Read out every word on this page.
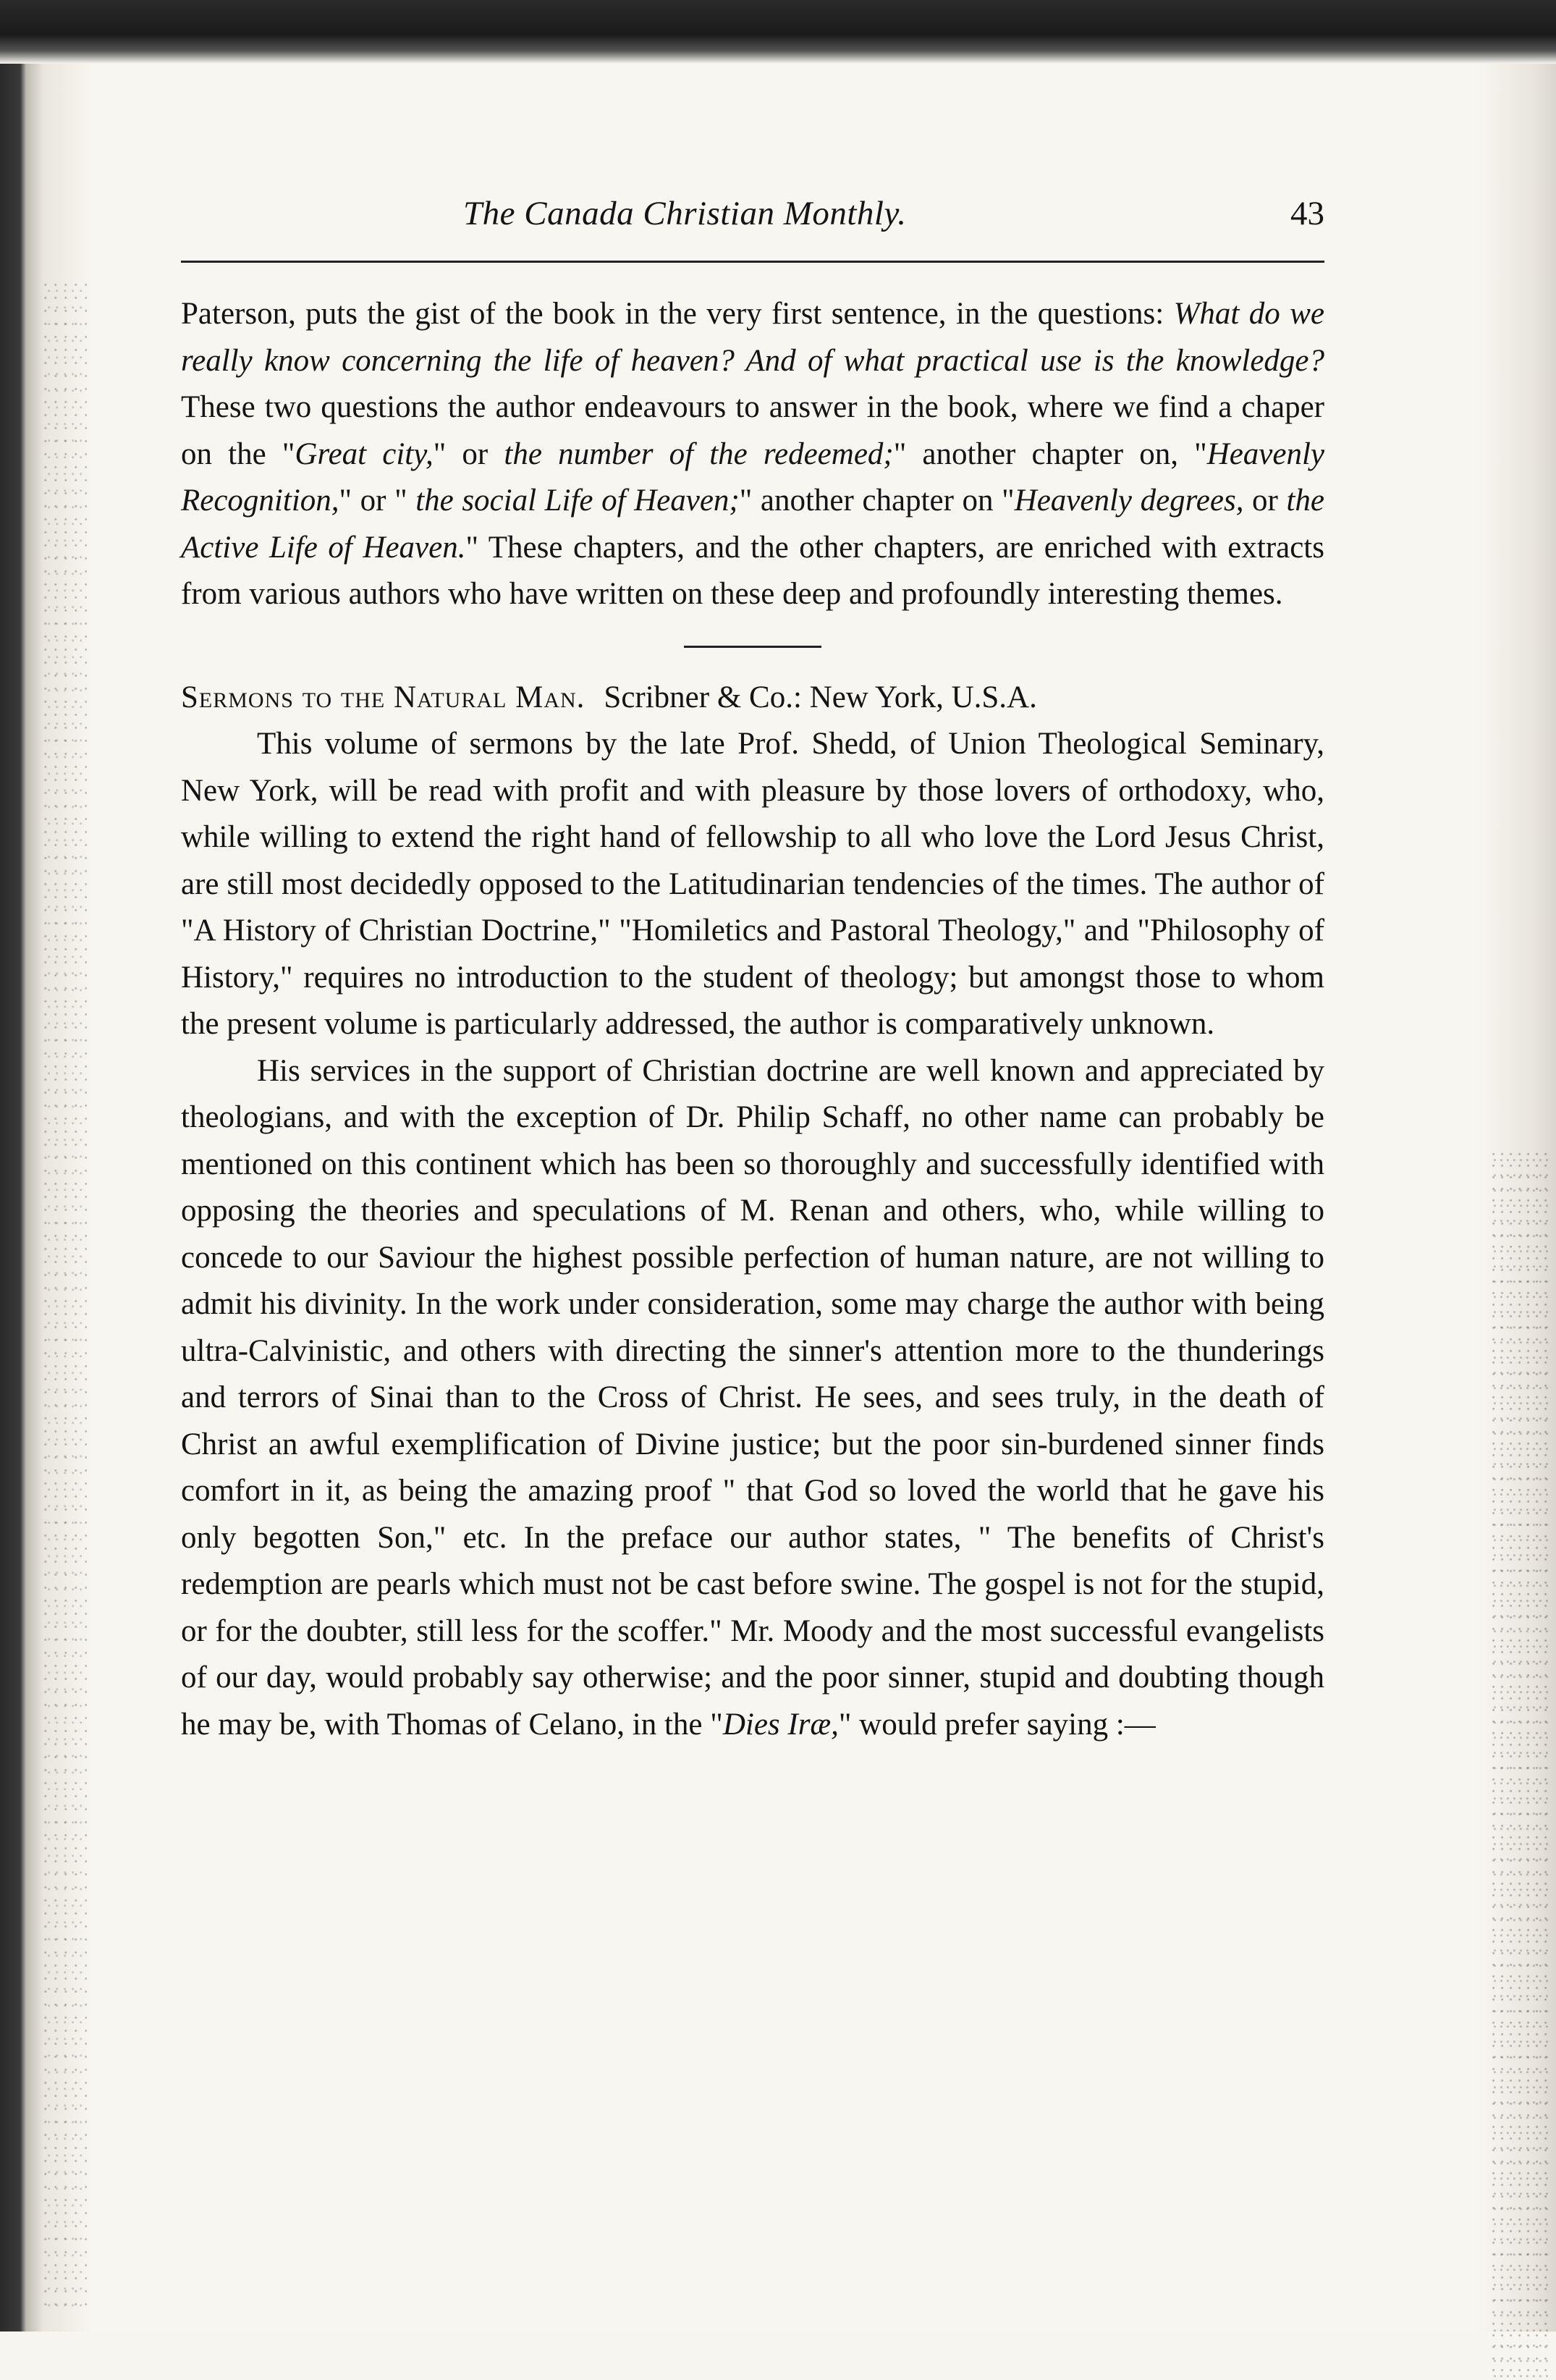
The Canada Christian Monthly.	43

Paterson, puts the gist of the book in the very first sentence, in the questions: What do we really know concerning the life of heaven? And of what practical use is the knowledge? These two questions the author endeavours to answer in the book, where we find a chaper on the "Great city," or the number of the redeemed;" another chapter on, "Heavenly Recognition," or " the social Life of Heaven;" another chapter on "Heavenly degrees, or the Active Life of Heaven." These chapters, and the other chapters, are enriched with extracts from various authors who have written on these deep and profoundly interesting themes.

Sermons to the Natural Man. Scribner & Co.: New York, U.S.A.

This volume of sermons by the late Prof. Shedd, of Union Theological Seminary, New York, will be read with profit and with pleasure by those lovers of orthodoxy, who, while willing to extend the right hand of fellowship to all who love the Lord Jesus Christ, are still most decidedly opposed to the Latitudinarian tendencies of the times. The author of "A History of Christian Doctrine," "Homiletics and Pastoral Theology," and "Philosophy of History," requires no introduction to the student of theology; but amongst those to whom the present volume is particularly addressed, the author is comparatively unknown.

His services in the support of Christian doctrine are well known and appreciated by theologians, and with the exception of Dr. Philip Schaff, no other name can probably be mentioned on this continent which has been so thoroughly and successfully identified with opposing the theories and speculations of M. Renan and others, who, while willing to concede to our Saviour the highest possible perfection of human nature, are not willing to admit his divinity. In the work under consideration, some may charge the author with being ultra-Calvinistic, and others with directing the sinner's attention more to the thunderings and terrors of Sinai than to the Cross of Christ. He sees, and sees truly, in the death of Christ an awful exemplification of Divine justice; but the poor sin-burdened sinner finds comfort in it, as being the amazing proof " that God so loved the world that he gave his only begotten Son," etc. In the preface our author states, " The benefits of Christ's redemption are pearls which must not be cast before swine. The gospel is not for the stupid, or for the doubter, still less for the scoffer." Mr. Moody and the most successful evangelists of our day, would probably say otherwise; and the poor sinner, stupid and doubting though he may be, with Thomas of Celano, in the "Dies Iræ," would prefer saying :—
